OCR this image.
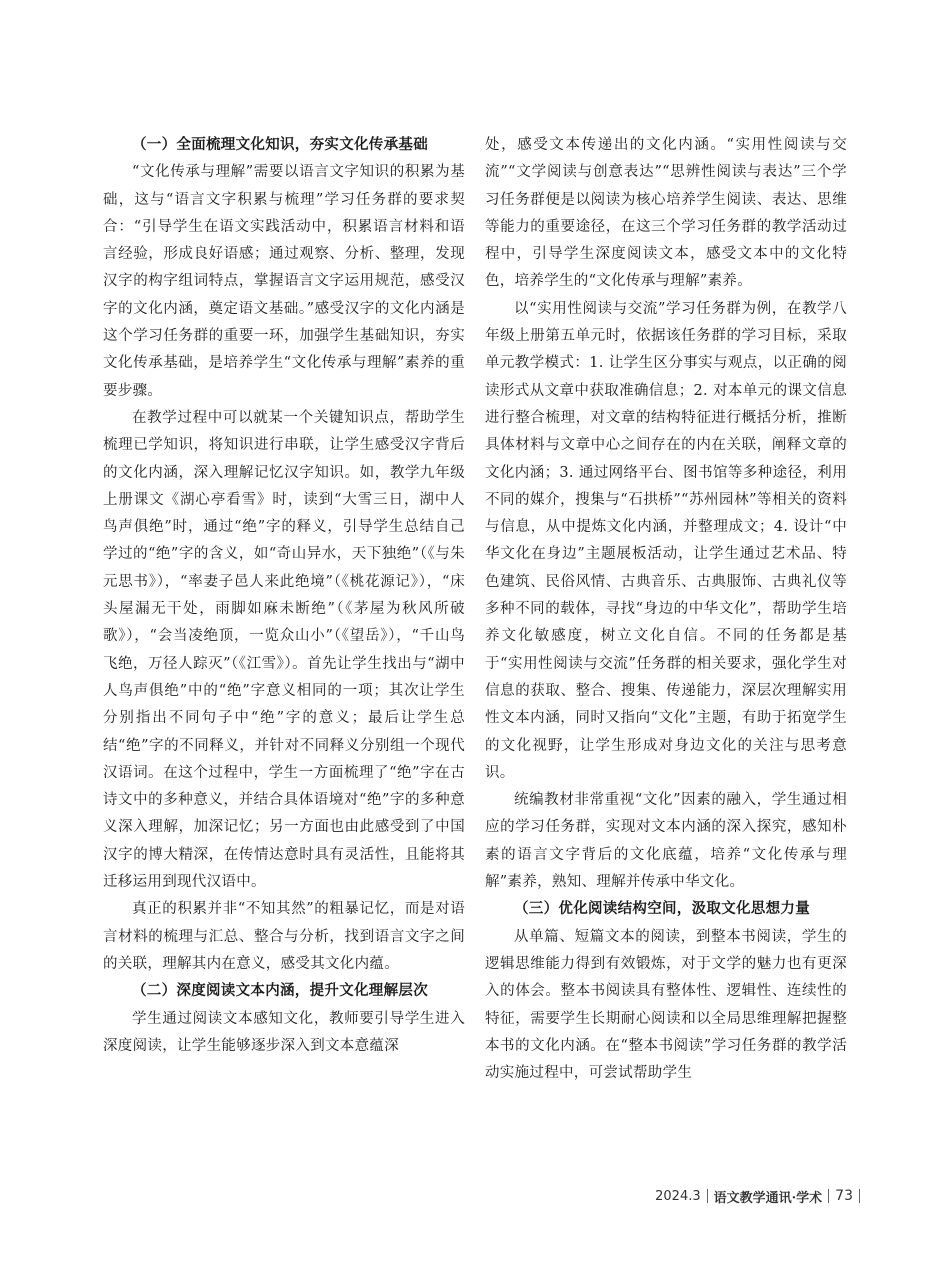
（一）全面梳理文化知识，夯实文化传承基础

“文化传承与理解”需要以语言文字知识的积累为基础，这与“语言文字积累与梳理”学习任务群的要求契合：“引导学生在语文实践活动中，积累语言材料和语言经验，形成良好语感；通过观察、分析、整理，发现汉字的构字组词特点，掌握语言文字运用规范，感受汉字的文化内涵，奠定语文基础。”感受汉字的文化内涵是这个学习任务群的重要一环，加强学生基础知识，夯实文化传承基础，是培养学生“文化传承与理解”素养的重要步骤。

在教学过程中可以就某一个关键知识点，帮助学生梳理已学知识，将知识进行串联，让学生感受汉字背后的文化内涵，深入理解记忆汉字知识。如，教学九年级上册课文《湖心亭看雪》时，读到“大雪三日，湖中人鸟声俱绝”时，通过“绝”字的释义，引导学生总结自己学过的“绝”字的含义，如“奇山异水，天下独绝”（《与朱元思书》），“率妻子邑人来此绝境”（《桃花源记》），“床头屋漏无干处，雨脚如麻未断绝”（《茅屋为秋风所破歌》），“会当凌绝顶，一览众山小”（《望岳》），“千山鸟飞绝，万径人踪灭”（《江雪》）。首先让学生找出与“湖中人鸟声俱绝”中的“绝”字意义相同的一项；其次让学生分别指出不同句子中“绝”字的意义；最后让学生总结“绝”字的不同释义，并针对不同释义分别组一个现代汉语词。在这个过程中，学生一方面梳理了“绝”字在古诗文中的多种意义，并结合具体语境对“绝”字的多种意义深入理解，加深记忆；另一方面也由此感受到了中国汉字的博大精深，在传情达意时具有灵活性，且能将其迁移运用到现代汉语中。

真正的积累并非“不知其然”的粗暴记忆，而是对语言材料的梳理与汇总、整合与分析，找到语言文字之间的关联，理解其内在意义，感受其文化内蕴。

（二）深度阅读文本内涵，提升文化理解层次

学生通过阅读文本感知文化，教师要引导学生进入深度阅读，让学生能够逐步深入到文本意蕴深

处，感受文本传递出的文化内涵。“实用性阅读与交流”“文学阅读与创意表达”“思辨性阅读与表达”三个学习任务群便是以阅读为核心培养学生阅读、表达、思维等能力的重要途径，在这三个学习任务群的教学活动过程中，引导学生深度阅读文本，感受文本中的文化特色，培养学生的“文化传承与理解”素养。

以“实用性阅读与交流”学习任务群为例，在教学八年级上册第五单元时，依据该任务群的学习目标，采取单元教学模式：1. 让学生区分事实与观点，以正确的阅读形式从文章中获取准确信息；2. 对本单元的课文信息进行整合梳理，对文章的结构特征进行概括分析，推断具体材料与文章中心之间存在的内在关联，阐释文章的文化内涵；3. 通过网络平台、图书馆等多种途径，利用不同的媒介，搜集与“石拱桥”“苏州园林”等相关的资料与信息，从中提炼文化内涵，并整理成文；4. 设计“中华文化在身边”主题展板活动，让学生通过艺术品、特色建筑、民俗风情、古典音乐、古典服饰、古典礼仪等多种不同的载体，寻找“身边的中华文化”，帮助学生培养文化敏感度，树立文化自信。不同的任务都是基于“实用性阅读与交流”任务群的相关要求，强化学生对信息的获取、整合、搜集、传递能力，深层次理解实用性文本内涵，同时又指向“文化”主题，有助于拓宽学生的文化视野，让学生形成对身边文化的关注与思考意识。

统编教材非常重视“文化”因素的融入，学生通过相应的学习任务群，实现对文本内涵的深入探究，感知朴素的语言文字背后的文化底蕴，培养“文化传承与理解”素养，熟知、理解并传承中华文化。

（三）优化阅读结构空间，汲取文化思想力量

从单篇、短篇文本的阅读，到整本书阅读，学生的逻辑思维能力得到有效锻炼，对于文学的魅力也有更深入的体会。整本书阅读具有整体性、逻辑性、连续性的特征，需要学生长期耐心阅读和以全局思维理解把握整本书的文化内涵。在“整本书阅读”学习任务群的教学活动实施过程中，可尝试帮助学生

2024.3 语文教学通讯·学术 73
